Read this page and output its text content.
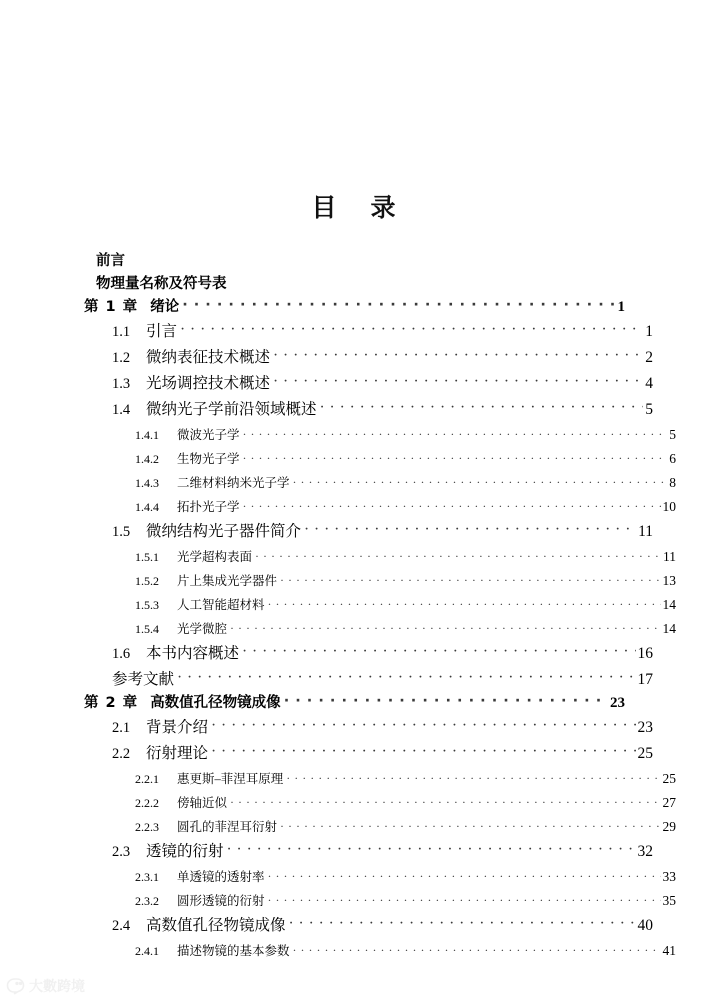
目录
前言
物理量名称及符号表
第 1 章 绪论 · · ·	1
1.1	引言 · · ·	1
1.2	微纳表征技术概述 · · ·	2
1.3	光场调控技术概述 · · ·	4
1.4	微纳光子学前沿领域概述 · · ·	5
1.4.1	微波光子学 · · ·	5
1.4.2	生物光子学 · · ·	6
1.4.3	二维材料纳米光子学 · · ·	8
1.4.4	拓扑光子学 · · ·	10
1.5	微纳结构光子器件简介 · · ·	11
1.5.1	光学超构表面 · · ·	11
1.5.2	片上集成光学器件 · · ·	13
1.5.3	人工智能超材料 · · ·	14
1.5.4	光学微腔 · · ·	14
1.6	本书内容概述 · · ·	16
参考文献 · · ·	17
第 2 章 高数值孔径物镜成像 · · ·	23
2.1	背景介绍 · · ·	23
2.2	衍射理论 · · ·	25
2.2.1	惠更斯–菲涅耳原理 · · ·	25
2.2.2	傍轴近似 · · ·	27
2.2.3	圆孔的菲涅耳衍射 · · ·	29
2.3	透镜的衍射 · · ·	32
2.3.1	单透镜的透射率 · · ·	33
2.3.2	圆形透镜的衍射 · · ·	35
2.4	高数值孔径物镜成像 · · ·	40
2.4.1	描述物镜的基本参数 · · ·	41
大數跨境
